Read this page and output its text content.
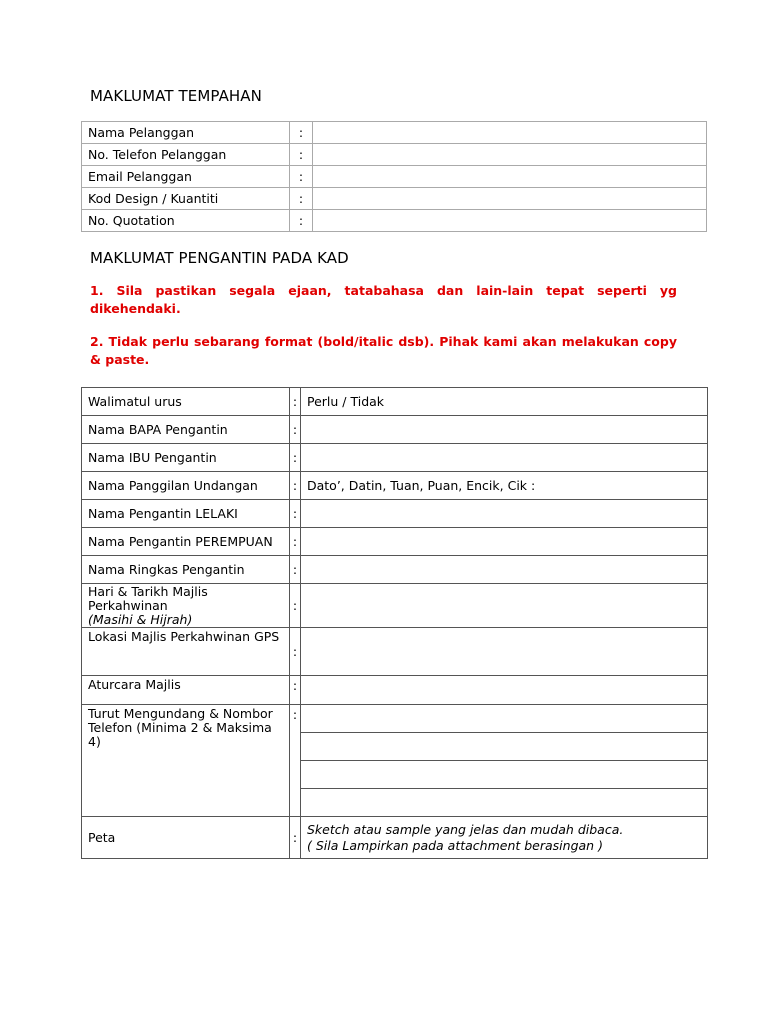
MAKLUMAT TEMPAHAN
Nama Pelanggan	:	
No. Telefon Pelanggan	:	
Email Pelanggan	:	
Kod Design / Kuantiti	:	
No. Quotation	:	
MAKLUMAT PENGANTIN PADA KAD
1. Sila pastikan segala ejaan, tatabahasa dan lain-lain tepat seperti yg dikehendaki.
2. Tidak perlu sebarang format (bold/italic dsb). Pihak kami akan melakukan copy & paste.
Walimatul urus	:	Perlu / Tidak
Nama BAPA Pengantin	:	
Nama IBU Pengantin	:	
Nama Panggilan Undangan	:	Dato’, Datin, Tuan, Puan, Encik, Cik :
Nama Pengantin LELAKI	:	
Nama Pengantin PEREMPUAN	:	
Nama Ringkas Pengantin	:	
Hari & Tarikh Majlis Perkahwinan
(Masihi & Hijrah)	:	
Lokasi Majlis Perkahwinan GPS	:	
Aturcara Majlis	:	
Turut Mengundang & Nombor Telefon (Minima 2 & Maksima 4)	:	

Peta	:	Sketch atau sample yang jelas dan mudah dibaca.
( Sila Lampirkan pada attachment berasingan )
